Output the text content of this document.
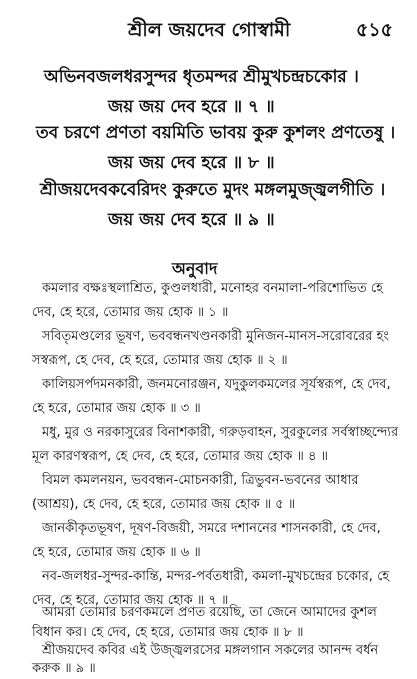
শ্রীল জয়দেব গোস্বামী	৫১৫
অভিনবজলধরসুন্দর ধৃতমন্দর শ্রীমুখচন্দ্রচকোর ।
জয় জয় দেব হরে ॥ ৭ ॥
তব চরণে প্রণতা বয়মিতি ভাবয় কুরু কুশলং প্রণতেষু ।
জয় জয় দেব হরে ॥ ৮ ॥
শ্রীজয়দেবকবেরিদং কুরুতে মুদং মঙ্গলমুজ্জ্বলগীতি ।
জয় জয় দেব হরে ॥ ৯ ॥
অনুবাদ
কমলার বক্ষঃস্থলাশ্রিত, কুণ্ডলধারী, মনোহর বনমালা-পরিশোভিত হে
দেব, হে হরে, তোমার জয় হোক ॥ ১ ॥
সবিতৃমণ্ডলের ভূষণ, ভববন্ধনখণ্ডনকারী মুনিজন-মানস-সরোবরের হং
সস্বরূপ, হে দেব, হে হরে, তোমার জয় হোক ॥ ২ ॥
কালিয়সর্পদমনকারী, জনমনোরঞ্জন, যদুকুলকমলের সূর্যস্বরূপ, হে দেব,
হে হরে, তোমার জয় হোক ॥ ৩ ॥
মধু, মুর ও নরকাসুরের বিনাশকারী, গরুড়বাহন, সুরকুলের সর্বস্বাচ্ছন্দ্যের
মূল কারণস্বরূপ, হে দেব, হে হরে, তোমার জয় হোক ॥ ৪ ॥
বিমল কমলনয়ন, ভববন্ধন-মোচনকারী, ত্রিভুবন-ভবনের আধার
(আশ্রয়), হে দেব, হে হরে, তোমার জয় হোক ॥ ৫ ॥
জানকীকৃতভূষণ, দূষণ-বিজয়ী, সমরে দশাননের শাসনকারী, হে দেব,
হে হরে, তোমার জয় হোক ॥ ৬ ॥
নব-জলধর-সুন্দর-কান্তি, মন্দর-পর্বতধারী, কমলা-মুখচন্দ্রের চকোর, হে
দেব, হে হরে, তোমার জয় হোক ॥ ৭ ॥
আমরা তোমার চরণকমলে প্রণত রয়েছি, তা জেনে আমাদের কুশল
বিধান কর। হে দেব, হে হরে, তোমার জয় হোক ॥ ৮ ॥
শ্রীজয়দেব কবির এই উজ্জ্বলরসের মঙ্গলগান সকলের আনন্দ বর্ধন
করুক ॥ ৯ ॥
